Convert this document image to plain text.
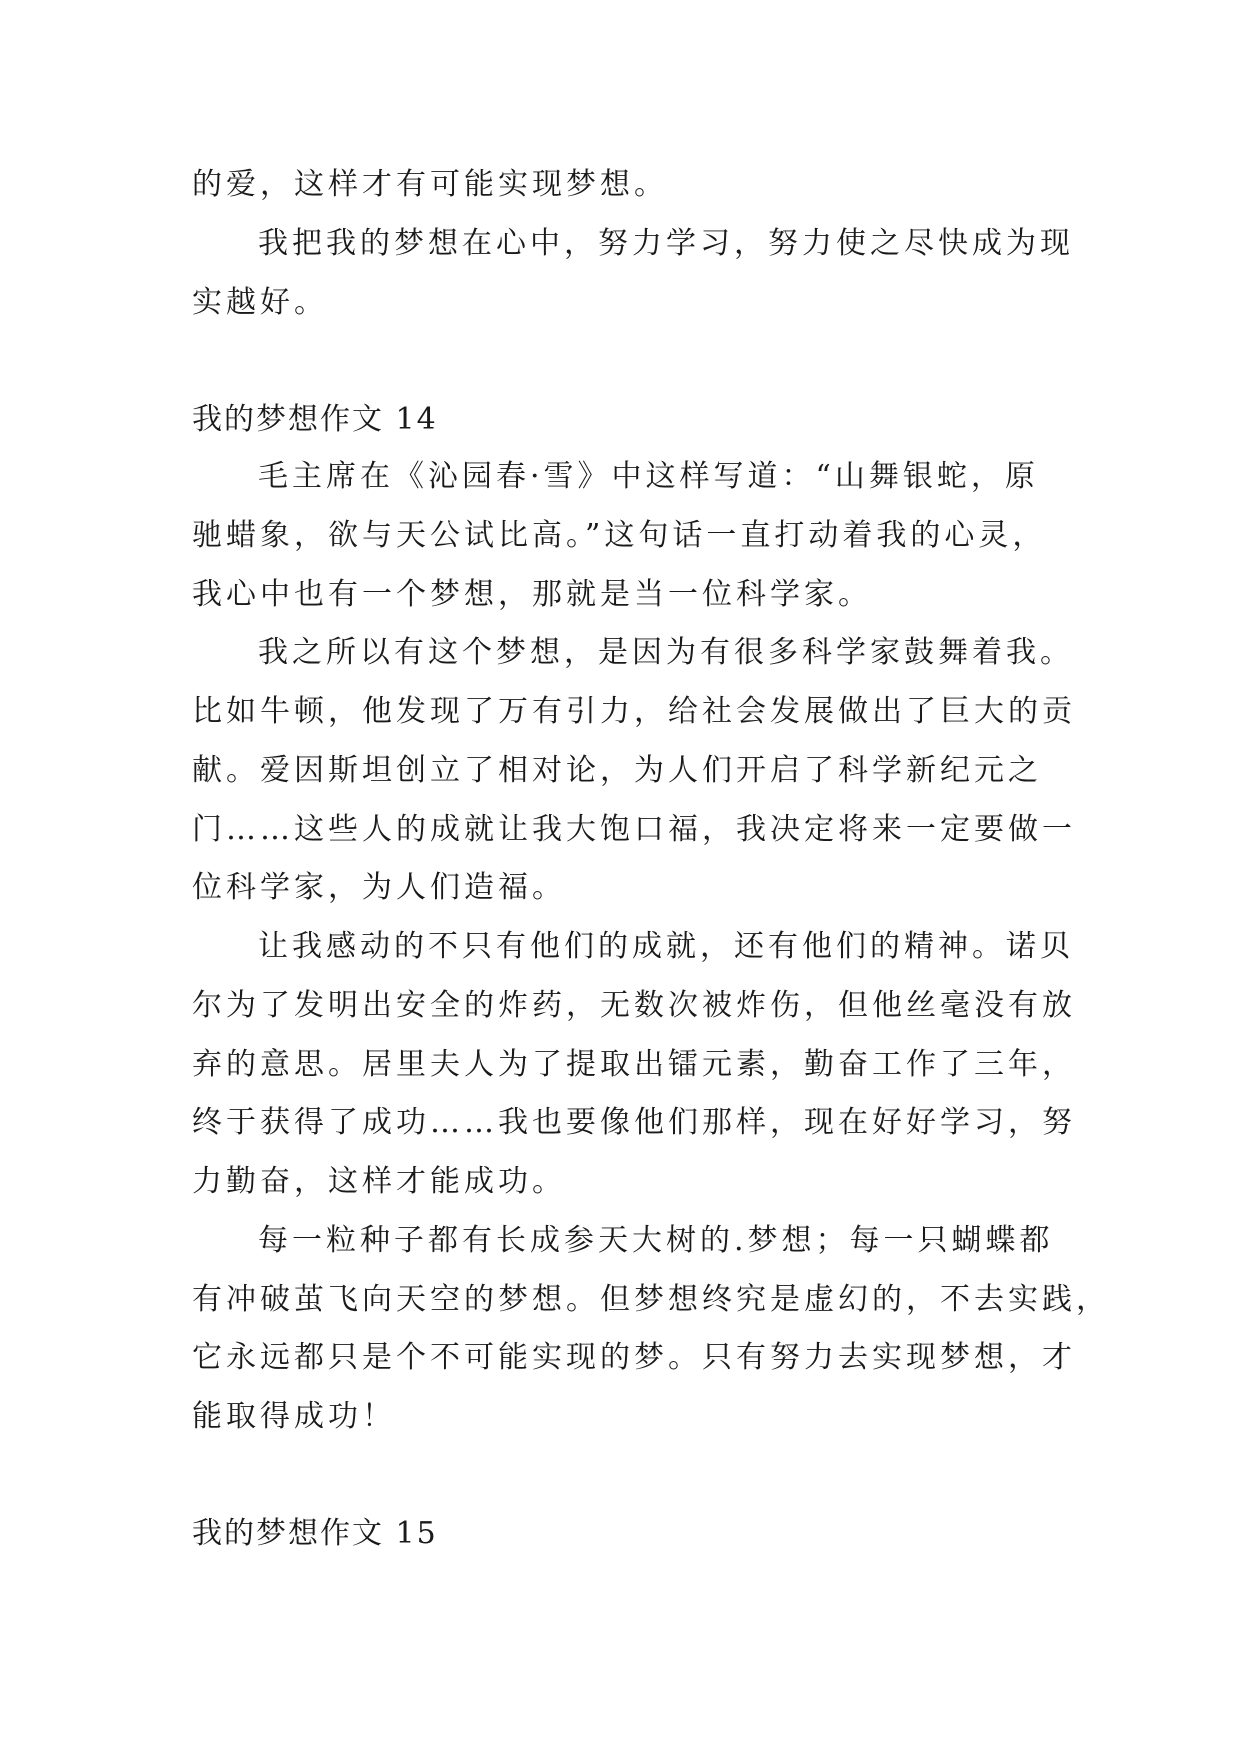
的爱，这样才有可能实现梦想。
我把我的梦想在心中，努力学习，努力使之尽快成为现
实越好。
我的梦想作文 14
毛主席在《沁园春·雪》中这样写道：“山舞银蛇，原
驰蜡象，欲与天公试比高。”这句话一直打动着我的心灵，
我心中也有一个梦想，那就是当一位科学家。
我之所以有这个梦想，是因为有很多科学家鼓舞着我。
比如牛顿，他发现了万有引力，给社会发展做出了巨大的贡
献。爱因斯坦创立了相对论，为人们开启了科学新纪元之
门……这些人的成就让我大饱口福，我决定将来一定要做一
位科学家，为人们造福。
让我感动的不只有他们的成就，还有他们的精神。诺贝
尔为了发明出安全的炸药，无数次被炸伤，但他丝毫没有放
弃的意思。居里夫人为了提取出镭元素，勤奋工作了三年，
终于获得了成功……我也要像他们那样，现在好好学习，努
力勤奋，这样才能成功。
每一粒种子都有长成参天大树的.梦想；每一只蝴蝶都
有冲破茧飞向天空的梦想。但梦想终究是虚幻的，不去实践，
它永远都只是个不可能实现的梦。只有努力去实现梦想，才
能取得成功！
我的梦想作文 15
